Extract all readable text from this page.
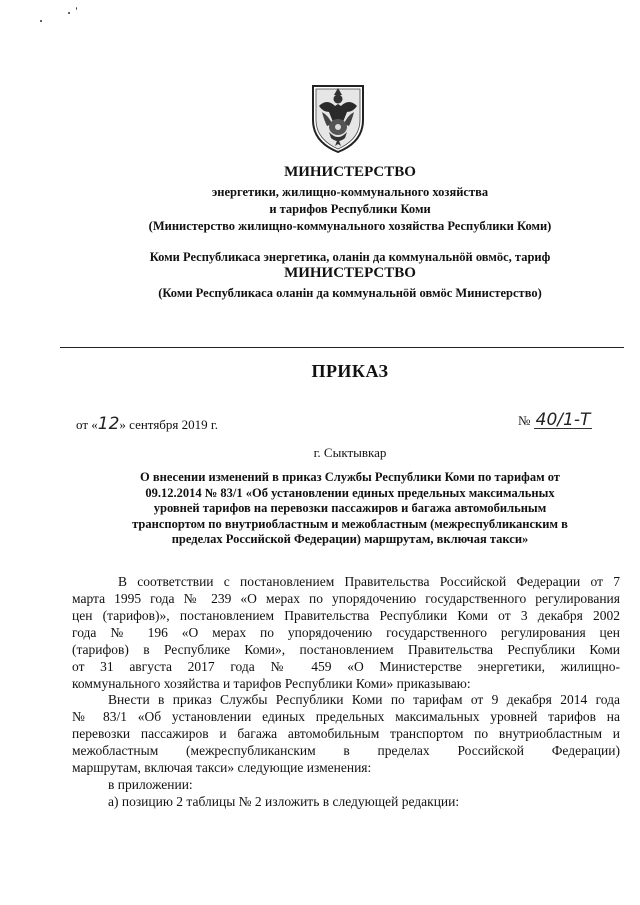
МИНИСТЕРСТВО
энергетики, жилищно-коммунального хозяйства
и тарифов Республики Коми
(Министерство жилищно-коммунального хозяйства Республики Коми)
Коми Республикаса энергетика, оланін да коммунальнӧй овмӧс, тариф
МИНИСТЕРСТВО
(Коми Республикаса оланін да коммунальнӧй овмӧс Министерство)
ПРИКАЗ
от «12» сентября 2019 г.	№ 40/1-Т
г. Сыктывкар
О внесении изменений в приказ Службы Республики Коми по тарифам от
09.12.2014 № 83/1 «Об установлении единых предельных максимальных
уровней тарифов на перевозки пассажиров и багажа автомобильным
транспортом по внутриобластным и межобластным (межреспубликанским в
пределах Российской Федерации) маршрутам, включая такси»
В соответствии с постановлением Правительства Российской Федерации от 7
марта 1995 года № 239 «О мерах по упорядочению государственного регулирования
цен (тарифов)», постановлением Правительства Республики Коми от 3 декабря 2002
года № 196 «О мерах по упорядочению государственного регулирования цен
(тарифов) в Республике Коми», постановлением Правительства Республики Коми
от 31 августа 2017 года № 459 «О Министерстве энергетики, жилищно-
коммунального хозяйства и тарифов Республики Коми» приказываю:
Внести в приказ Службы Республики Коми по тарифам от 9 декабря 2014 года
№ 83/1 «Об установлении единых предельных максимальных уровней тарифов на
перевозки пассажиров и багажа автомобильным транспортом по внутриобластным и
межобластным (межреспубликанским в пределах Российской Федерации)
маршрутам, включая такси» следующие изменения:
в приложении:
а) позицию 2 таблицы № 2 изложить в следующей редакции:
